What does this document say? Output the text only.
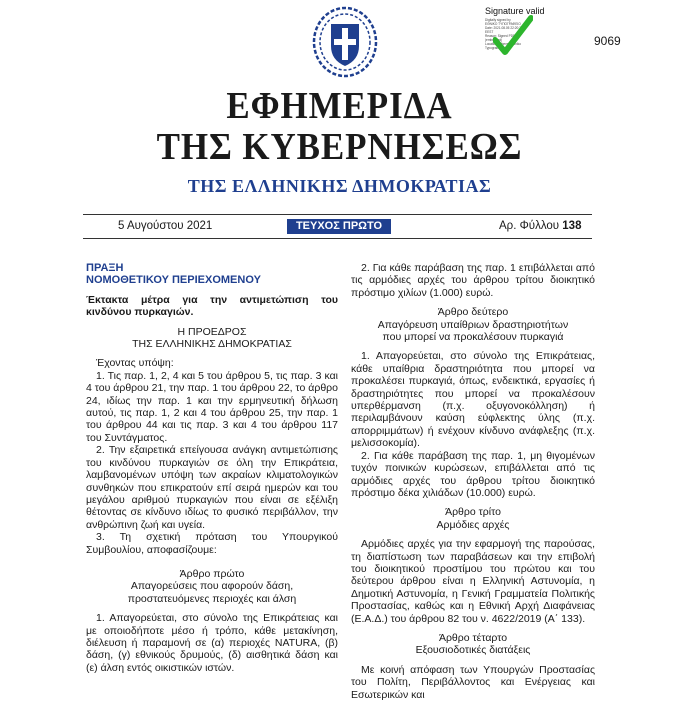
Signature valid
Digitally signed by
ΕΘΝΙΚΟ ΤΥΠΟΓΡΑΦΕΙΟ
Date: 2021.08.05 22:20:37
EEST
Reason: Signed PDF
(embedded)
Location: Athens, Ethniko
Typografio	9069
ΕΦΗΜΕΡΙΔΑ
ΤΗΣ ΚΥΒΕΡΝΗΣΕΩΣ
ΤΗΣ ΕΛΛΗΝΙΚΗΣ ΔΗΜΟΚΡΑΤΙΑΣ
5 Αυγούστου 2021	ΤΕΥΧΟΣ ΠΡΩΤΟ	Αρ. Φύλλου 138

ΠΡΑΞΗ

ΝΟΜΟΘΕΤΙΚΟΥ ΠΕΡΙΕΧΟΜΕΝΟΥ

Έκτακτα μέτρα για την αντιμετώπιση του κινδύνου πυρκαγιών.

Η ΠΡΟΕΔΡΟΣ

ΤΗΣ ΕΛΛΗΝΙΚΗΣ ΔΗΜΟΚΡΑΤΙΑΣ

Έχοντας υπόψη:

1. Τις παρ. 1, 2, 4 και 5 του άρθρου 5, τις παρ. 3 και 4 του άρθρου 21, την παρ. 1 του άρθρου 22, το άρθρο 24, ιδίως την παρ. 1 και την ερμηνευτική δήλωση αυτού, τις παρ. 1, 2 και 4 του άρθρου 25, την παρ. 1 του άρθρου 44 και τις παρ. 3 και 4 του άρθρου 117 του Συντάγματος.

2. Την εξαιρετικά επείγουσα ανάγκη αντιμετώπισης του κινδύνου πυρκαγιών σε όλη την Επικράτεια, λαμβανομένων υπόψη των ακραίων κλιματολογικών συνθηκών που επικρατούν επί σειρά ημερών και του μεγάλου αριθμού πυρκαγιών που είναι σε εξέλιξη θέτοντας σε κίνδυνο ιδίως το φυσικό περιβάλλον, την ανθρώπινη ζωή και υγεία.

3. Τη σχετική πρόταση του Υπουργικού Συμβουλίου, αποφασίζουμε:

Άρθρο πρώτο

Απαγορεύσεις που αφορούν δάση,

προστατευόμενες περιοχές και άλση

1. Απαγορεύεται, στο σύνολο της Επικράτειας και με οποιοδήποτε μέσο ή τρόπο, κάθε μετακίνηση, διέλευση ή παραμονή σε (α) περιοχές NATURA, (β) δάση, (γ) εθνικούς δρυμούς, (δ) αισθητικά δάση και (ε) άλση εντός οικιστικών ιστών.

2. Για κάθε παράβαση της παρ. 1 επιβάλλεται από τις αρμόδιες αρχές του άρθρου τρίτου διοικητικό πρόστιμο χιλίων (1.000) ευρώ.

Άρθρο δεύτερο

Απαγόρευση υπαίθριων δραστηριοτήτων

που μπορεί να προκαλέσουν πυρκαγιά

1. Απαγορεύεται, στο σύνολο της Επικράτειας, κάθε υπαίθρια δραστηριότητα που μπορεί να προκαλέσει πυρκαγιά, όπως, ενδεικτικά, εργασίες ή δραστηριότητες που μπορεί να προκαλέσουν υπερθέρμανση (π.χ. οξυγονοκόλληση) ή περιλαμβάνουν καύση εύφλεκτης ύλης (π.χ. απορριμμάτων) ή ενέχουν κίνδυνο ανάφλεξης (π.χ. μελισσοκομία).

2. Για κάθε παράβαση της παρ. 1, μη θιγομένων τυχόν ποινικών κυρώσεων, επιβάλλεται από τις αρμόδιες αρχές του άρθρου τρίτου διοικητικό πρόστιμο δέκα χιλιάδων (10.000) ευρώ.

Άρθρο τρίτο

Αρμόδιες αρχές

Αρμόδιες αρχές για την εφαρμογή της παρούσας, τη διαπίστωση των παραβάσεων και την επιβολή του διοικητικού προστίμου του πρώτου και του δεύτερου άρθρου είναι η Ελληνική Αστυνομία, η Δημοτική Αστυνομία, η Γενική Γραμματεία Πολιτικής Προστασίας, καθώς και η Εθνική Αρχή Διαφάνειας (Ε.Α.Δ.) του άρθρου 82 του ν. 4622/2019 (Α΄ 133).

Άρθρο τέταρτο

Εξουσιοδοτικές διατάξεις

Με κοινή απόφαση των Υπουργών Προστασίας του Πολίτη, Περιβάλλοντος και Ενέργειας και Εσωτερικών και
